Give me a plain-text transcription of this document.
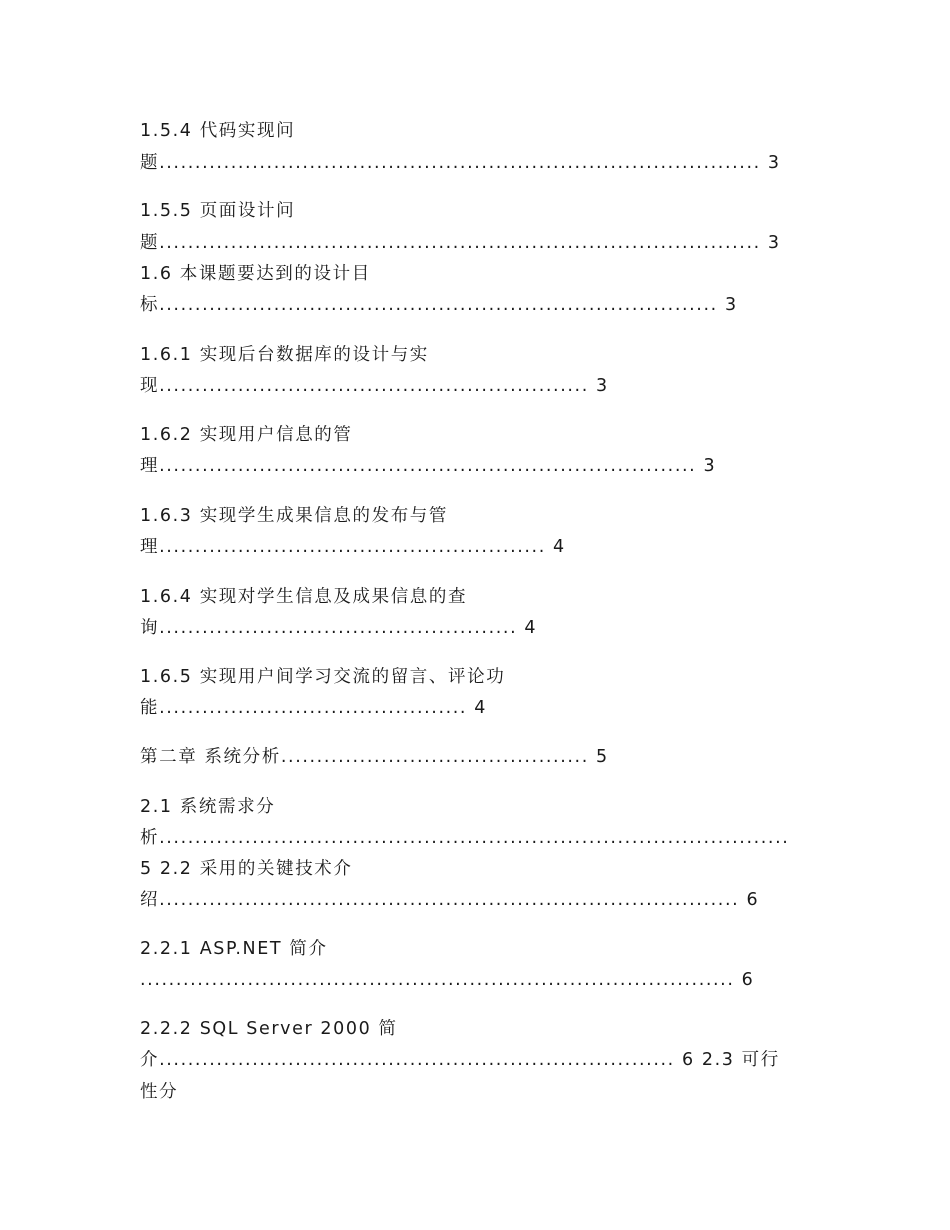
1.5.4 代码实现问
题.................................................................................... 3
1.5.5 页面设计问
题.................................................................................... 3
1.6 本课题要达到的设计目
标.............................................................................. 3
1.6.1 实现后台数据库的设计与实
现............................................................ 3
1.6.2 实现用户信息的管
理........................................................................... 3
1.6.3 实现学生成果信息的发布与管
理...................................................... 4
1.6.4 实现对学生信息及成果信息的查
询.................................................. 4
1.6.5 实现用户间学习交流的留言、评论功
能........................................... 4
第二章 系统分析........................................... 5
2.1 系统需求分
析........................................................................................
5 2.2 采用的关键技术介
绍................................................................................. 6
2.2.1 ASP.NET 简介
................................................................................... 6
2.2.2 SQL Server 2000 简
介........................................................................ 6 2.3 可行
性分
